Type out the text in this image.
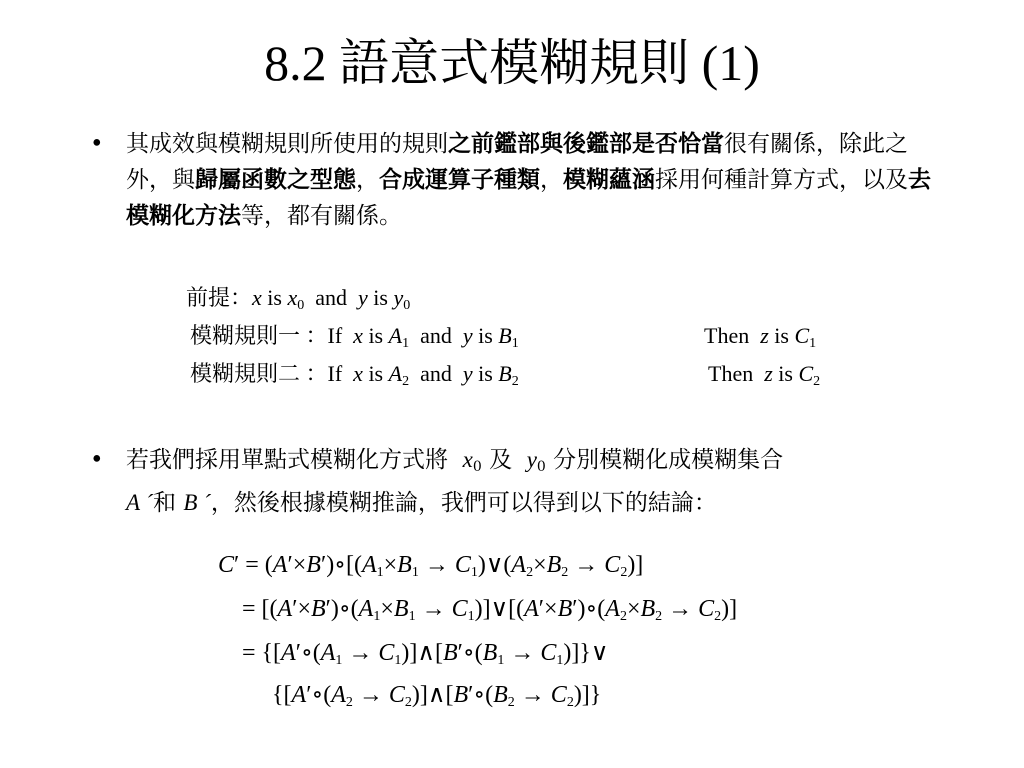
8.2 語意式模糊規則 (1)
• 其成效與模糊規則所使用的規則之前鑑部與後鑑部是否恰當很有關係，除此之外，與歸屬函數之型態，合成運算子種類，模糊蘊涵採用何種計算方式，以及去模糊化方法等，都有關係。
前提：x is $x_0$  and  y is $y_0$
模糊規則一 ：If  x is $A_1$  and  y is $B_1$	Then  z is $C_1$
模糊規則二 ：If  x is $A_2$  and  y is $B_2$	Then  z is $C_2$
• 若我們採用單點式模糊化方式將 $x_0$ 及 $y_0$ 分別模糊化成模糊集合
A ´和 B ´，然後根據模糊推論，我們可以得到以下的結論：
$C' = (A'\times B')\circ[(A_1\times B_1$ → $C_1)\vee(A_2\times B_2 \to C_2)$]
= [$(A'\times B')\circ(A_1\times B_1$ → $C_1)]\vee[(A'\times B')\circ(A_2\times B_2 \to C_2)]$
= {[$A'\circ(A_1$ → $C_1)]\wedge[B'\circ(B_1$ → $C_1)]\}\vee$
{[$A'\circ(A_2$ → $C_2)]\wedge[B'\circ(B_2 \to C_2)]$}
